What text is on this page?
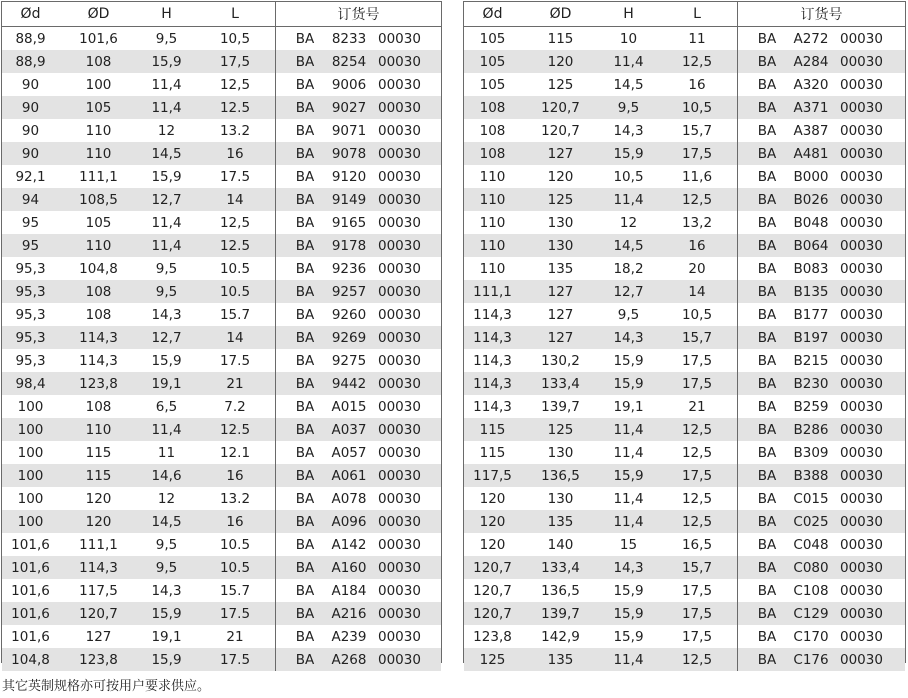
Ød	ØD	H	L	订货号
88,9	101,6	9,5	10,5	BA	8233 00030
88,9	108	15,9	17,5	BA	8254 00030
90	100	11,4	12,5	BA	9006 00030
90	105	11,4	12.5	BA	9027 00030
90	110	12	13.2	BA	9071 00030
90	110	14,5	16	BA	9078 00030
92,1	111,1	15,9	17.5	BA	9120 00030
94	108,5	12,7	14	BA	9149 00030
95	105	11,4	12,5	BA	9165 00030
95	110	11,4	12.5	BA	9178 00030
95,3	104,8	9,5	10.5	BA	9236 00030
95,3	108	9,5	10.5	BA	9257 00030
95,3	108	14,3	15.7	BA	9260 00030
95,3	114,3	12,7	14	BA	9269 00030
95,3	114,3	15,9	17.5	BA	9275 00030
98,4	123,8	19,1	21	BA	9442 00030
100	108	6,5	7.2	BA	A015 00030
100	110	11,4	12.5	BA	A037 00030
100	115	11	12.1	BA	A057 00030
100	115	14,6	16	BA	A061 00030
100	120	12	13.2	BA	A078 00030
100	120	14,5	16	BA	A096 00030
101,6	111,1	9,5	10.5	BA	A142 00030
101,6	114,3	9,5	10.5	BA	A160 00030
101,6	117,5	14,3	15.7	BA	A184 00030
101,6	120,7	15,9	17.5	BA	A216 00030
101,6	127	19,1	21	BA	A239 00030
104,8	123,8	15,9	17.5	BA	A268 00030
Ød	ØD	H	L	订货号
105	115	10	11	BA	A272 00030
105	120	11,4	12,5	BA	A284 00030
105	125	14,5	16	BA	A320 00030
108	120,7	9,5	10,5	BA	A371 00030
108	120,7	14,3	15,7	BA	A387 00030
108	127	15,9	17,5	BA	A481 00030
110	120	10,5	11,6	BA	B000 00030
110	125	11,4	12,5	BA	B026 00030
110	130	12	13,2	BA	B048 00030
110	130	14,5	16	BA	B064 00030
110	135	18,2	20	BA	B083 00030
111,1	127	12,7	14	BA	B135 00030
114,3	127	9,5	10,5	BA	B177 00030
114,3	127	14,3	15,7	BA	B197 00030
114,3	130,2	15,9	17,5	BA	B215 00030
114,3	133,4	15,9	17,5	BA	B230 00030
114,3	139,7	19,1	21	BA	B259 00030
115	125	11,4	12,5	BA	B286 00030
115	130	11,4	12,5	BA	B309 00030
117,5	136,5	15,9	17,5	BA	B388 00030
120	130	11,4	12,5	BA	C015 00030
120	135	11,4	12,5	BA	C025 00030
120	140	15	16,5	BA	C048 00030
120,7	133,4	14,3	15,7	BA	C080 00030
120,7	136,5	15,9	17,5	BA	C108 00030
120,7	139,7	15,9	17,5	BA	C129 00030
123,8	142,9	15,9	17,5	BA	C170 00030
125	135	11,4	12,5	BA	C176 00030
其它英制规格亦可按用户要求供应。
